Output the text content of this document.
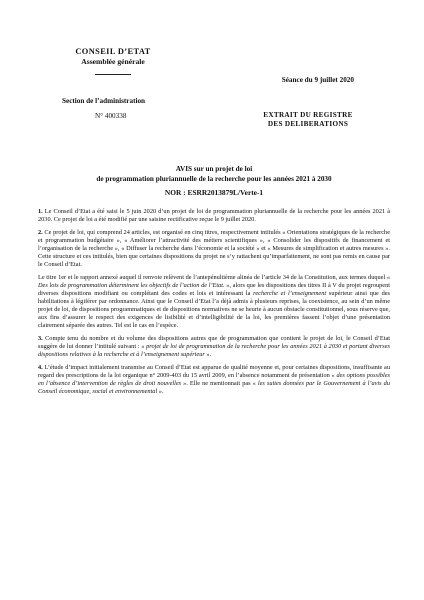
CONSEIL D’ETAT
Assemblée générale
Séance du 9 juillet 2020
Section de l’administration
N° 400338	EXTRAIT DU REGISTRE
DES DELIBERATIONS
AVIS sur un projet de loi
de programmation pluriannuelle de la recherche pour les années 2021 à 2030
NOR : ESRR2013879L/Verte-1

1. Le Conseil d’Etat a été saisi le 5 juin 2020 d’un projet de loi de programmation pluriannuelle de la recherche pour les années 2021 à 2030. Ce projet de loi a été modifié par une saisine rectificative reçue le 9 juillet 2020.

2. Ce projet de loi, qui comprend 24 articles, est organisé en cinq titres, respectivement intitulés « Orientations stratégiques de la recherche et programmation budgétaire », « Améliorer l’attractivité des métiers scientifiques », « Consolider les dispositifs de financement et l’organisation de la recherche », « Diffuser la recherche dans l’économie et la société » et « Mesures de simplification et autres mesures ». Cette structure et ces intitulés, bien que certaines dispositions du projet ne s’y rattachent qu’imparfaitement, ne sont pas remis en cause par le Conseil d’Etat.

Le titre 1er et le rapport annexé auquel il renvoie relèvent de l’antepénultième alinéa de l’article 34 de la Constitution, aux termes duquel « Des lois de programmation déterminent les objectifs de l’action de l’Etat. », alors que les dispositions des titres II à V du projet regroupent diverses dispositions modifiant ou complétant des codes et lois et intéressant la recherche et l’enseignement supérieur ainsi que des habilitations à légiférer par ordonnance. Ainsi que le Conseil d’Etat l’a déjà admis à plusieurs reprises, la coexistence, au sein d’un même projet de loi, de dispositions programmatiques et de dispositions normatives ne se heurte à aucun obstacle constitutionnel, sous réserve que, aux fins d’assurer le respect des exigences de lisibilité et d’intelligibilité de la loi, les premières fassent l’objet d’une présentation clairement séparée des autres. Tel est le cas en l’espèce.

3. Compte tenu du nombre et du volume des dispositions autres que de programmation que contient le projet de loi, le Conseil d’Etat suggère de lui donner l’intitulé suivant : « projet de loi de programmation de la recherche pour les années 2021 à 2030 et portant diverses dispositions relatives à la recherche et à l’enseignement supérieur ».

4. L’étude d’impact initialement transmise au Conseil d’Etat est apparue de qualité moyenne et, pour certaines dispositions, insuffisante au regard des prescriptions de la loi organique n° 2009-403 du 15 avril 2009, en l’absence notamment de présentation « des options possibles en l’absence d’intervention de règles de droit nouvelles ». Elle ne mentionnait pas « les suites données par le Gouvernement à l’avis du Conseil économique, social et environnemental ».
